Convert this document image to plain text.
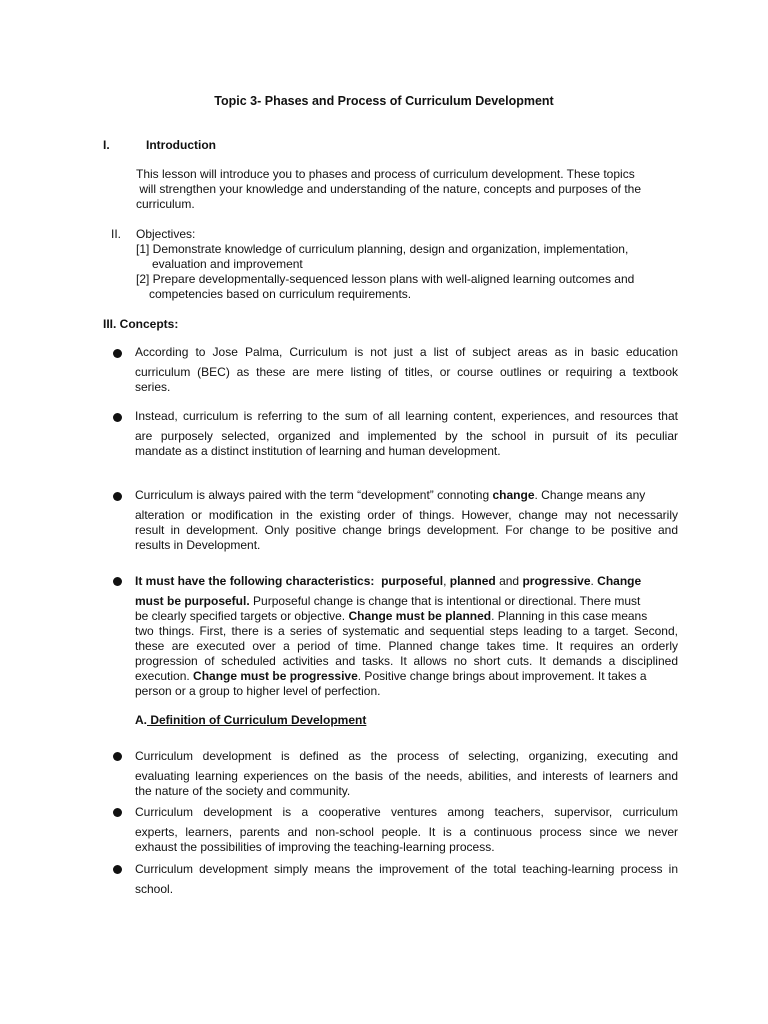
Topic 3- Phases and Process of Curriculum Development
I.	Introduction
This lesson will introduce you to phases and process of curriculum development. These topics
will strengthen your knowledge and understanding of the nature, concepts and purposes of the
curriculum.
II. Objectives:
[1] Demonstrate knowledge of curriculum planning, design and organization, implementation,
evaluation and improvement
[2] Prepare developmentally-sequenced lesson plans with well-aligned learning outcomes and
competencies based on curriculum requirements.
III. Concepts:
According to Jose Palma, Curriculum is not just a list of subject areas as in basic education
curriculum (BEC) as these are mere listing of titles, or course outlines or requiring a textbook
series.
Instead, curriculum is referring to the sum of all learning content, experiences, and resources that
are purposely selected, organized and implemented by the school in pursuit of its peculiar
mandate as a distinct institution of learning and human development.
Curriculum is always paired with the term “development” connoting change. Change means any
alteration or modification in the existing order of things. However, change may not necessarily
result in development. Only positive change brings development. For change to be positive and
results in Development.
It must have the following characteristics: purposeful, planned and progressive. Change
must be purposeful. Purposeful change is change that is intentional or directional. There must
be clearly specified targets or objective. Change must be planned. Planning in this case means
two things. First, there is a series of systematic and sequential steps leading to a target. Second,
these are executed over a period of time. Planned change takes time. It requires an orderly
progression of scheduled activities and tasks. It allows no short cuts. It demands a disciplined
execution. Change must be progressive. Positive change brings about improvement. It takes a
person or a group to higher level of perfection.
A. Definition of Curriculum Development
Curriculum development is defined as the process of selecting, organizing, executing and
evaluating learning experiences on the basis of the needs, abilities, and interests of learners and
the nature of the society and community.
Curriculum development is a cooperative ventures among teachers, supervisor, curriculum
experts, learners, parents and non-school people. It is a continuous process since we never
exhaust the possibilities of improving the teaching-learning process.
Curriculum development simply means the improvement of the total teaching-learning process in
school.
